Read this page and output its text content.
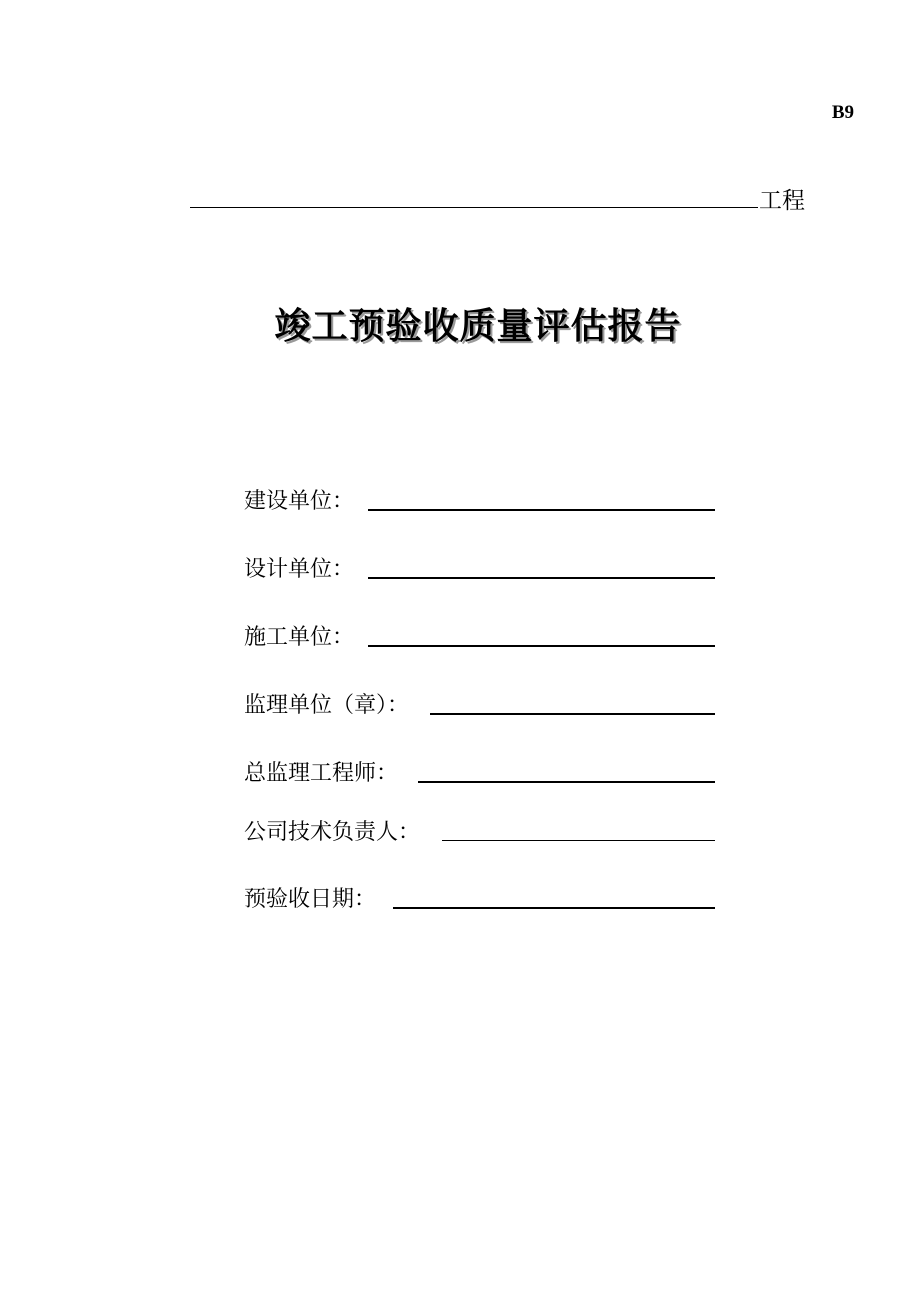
B9
工程
竣工预验收质量评估报告
建设单位：
设计单位：
施工单位：
监理单位（章）：
总监理工程师：
公司技术负责人：
预验收日期：
